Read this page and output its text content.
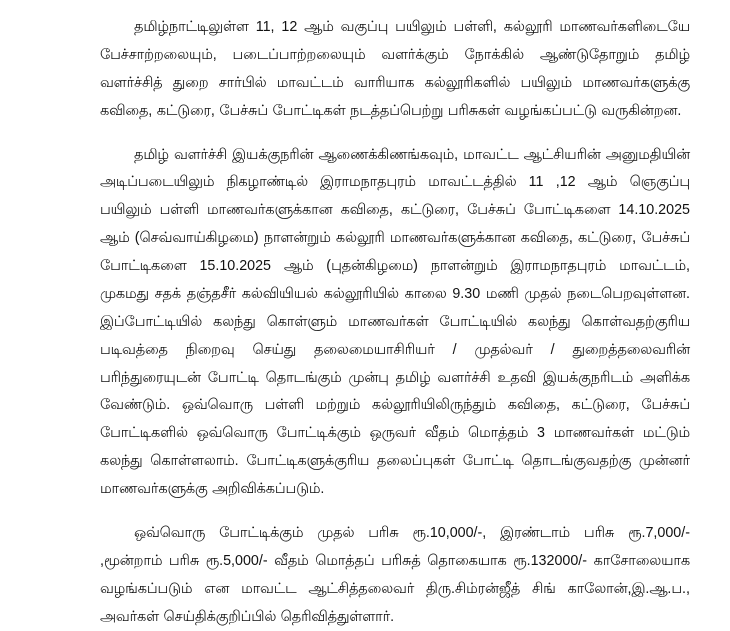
தமிழ்நாட்டிலுள்ள 11, 12 ஆம் வகுப்பு பயிலும் பள்ளி, கல்லூரி மாணவர்களிடையே பேச்சாற்றலையும், படைப்பாற்றலையும் வளர்க்கும் நோக்கில் ஆண்டுதோறும் தமிழ் வளர்ச்சித் துறை சார்பில் மாவட்டம் வாரியாக கல்லூரிகளில் பயிலும் மாணவர்களுக்கு கவிதை, கட்டுரை, பேச்சுப் போட்டிகள் நடத்தப்பெற்று பரிசுகள் வழங்கப்பட்டு வருகின்றன.

தமிழ் வளர்ச்சி இயக்குநரின் ஆணைக்கிணங்கவும், மாவட்ட ஆட்சியரின் அனுமதியின் அடிப்படையிலும் நிகழாண்டில் இராமநாதபுரம் மாவட்டத்தில் 11 ,12 ஆம் ஞெகுப்பு பயிலும் பள்ளி மாணவர்களுக்கான கவிதை, கட்டுரை, பேச்சுப் போட்டிகளை 14.10.2025 ஆம் (செவ்வாய்கிழமை) நாளன்றும் கல்லூரி மாணவர்களுக்கான கவிதை, கட்டுரை, பேச்சுப் போட்டிகளை 15.10.2025 ஆம் (புதன்கிழமை) நாளன்றும் இராமநாதபுரம் மாவட்டம், முகமது சதக் தஞ்தசீர் கல்வியியல் கல்லூரியில் காலை 9.30 மணி முதல் நடைபெறவுள்ளன. இப்போட்டியில் கலந்து கொள்ளும் மாணவர்கள் போட்டியில் கலந்து கொள்வதற்குரிய படிவத்தை நிறைவு செய்து தலைமையாசிரியர் / முதல்வர் / துறைத்தலைவரின் பரிந்துரையுடன் போட்டி தொடங்கும் முன்பு தமிழ் வளர்ச்சி உதவி இயக்குநரிடம் அளிக்க வேண்டும். ஒவ்வொரு பள்ளி மற்றும் கல்லூரியிலிருந்தும் கவிதை, கட்டுரை, பேச்சுப் போட்டிகளில் ஒவ்வொரு போட்டிக்கும் ஒருவர் வீதம் மொத்தம் 3 மாணவர்கள் மட்டும் கலந்து கொள்ளலாம். போட்டிகளுக்குரிய தலைப்புகள் போட்டி தொடங்குவதற்கு முன்னர் மாணவர்களுக்கு அறிவிக்கப்படும்.

ஒவ்வொரு போட்டிக்கும் முதல் பரிசு ரூ.10,000/-, இரண்டாம் பரிசு ரூ.7,000/- ,மூன்றாம் பரிசு ரூ.5,000/- வீதம் மொத்தப் பரிசுத் தொகையாக ரூ.132000/- காசோலையாக வழங்கப்படும் என மாவட்ட ஆட்சித்தலைவர் திரு.சிம்ரன்ஜீத் சிங் காலோன்,இ.ஆ.ப., அவர்கள் செய்திக்குறிப்பில் தெரிவித்துள்ளார்.
